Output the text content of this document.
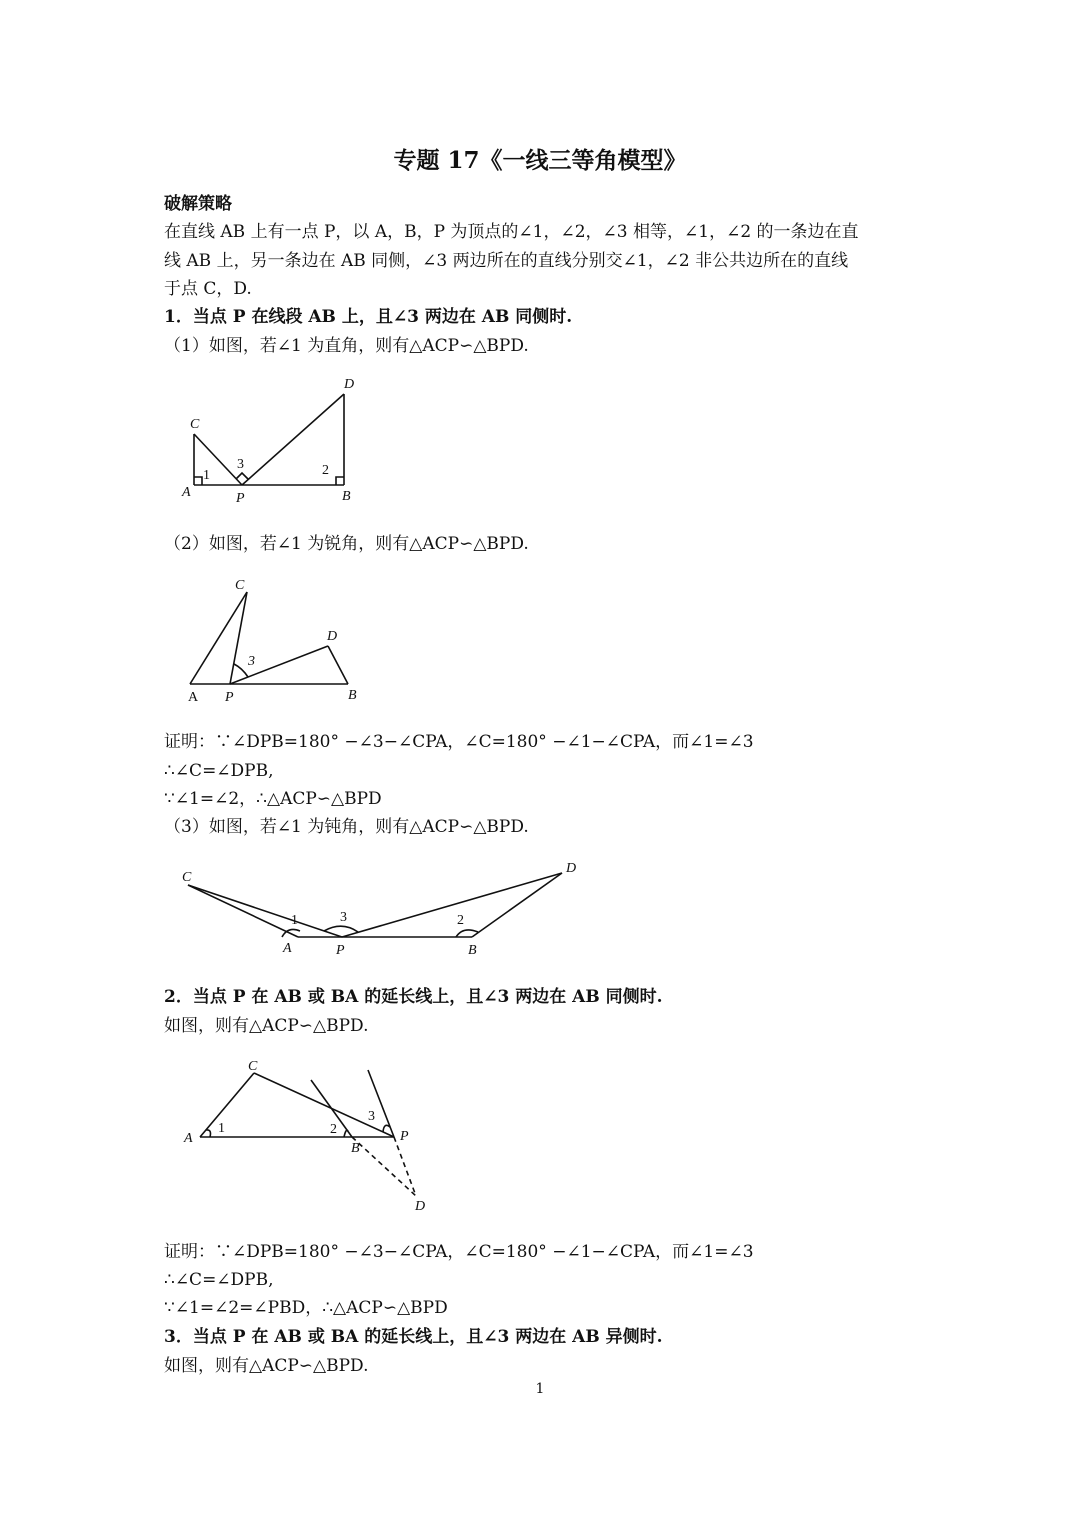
专题 17《一线三等角模型》
破解策略
在直线 AB 上有一点 P，以 A，B，P 为顶点的∠1，∠2，∠3 相等，∠1，∠2 的一条边在直
线 AB 上，另一条边在 AB 同侧，∠3 两边所在的直线分别交∠1，∠2 非公共边所在的直线
于点 C，D.
1．当点 P 在线段 AB 上，且∠3 两边在 AB 同侧时.
（1）如图，若∠1 为直角，则有△ACP∽△BPD.
A	P	B
C
D
1
3	2
（2）如图，若∠1 为锐角，则有△ACP∽△BPD.
A P	B
C
D
3
证明：∵∠DPB=180° −∠3−∠CPA，∠C=180° −∠1−∠CPA，而∠1=∠3
∴∠C=∠DPB,
∵∠1=∠2，∴△ACP∽△BPD
（3）如图，若∠1 为钝角，则有△ACP∽△BPD.
C
D
A	P	B
1	3	2
2．当点 P 在 AB 或 BA 的延长线上，且∠3 两边在 AB 同侧时.
如图，则有△ACP∽△BPD.
A
C
B
P
D
1	2
3
证明：∵∠DPB=180° −∠3−∠CPA，∠C=180° −∠1−∠CPA，而∠1=∠3
∴∠C=∠DPB,
∵∠1=∠2=∠PBD，∴△ACP∽△BPD
3．当点 P 在 AB 或 BA 的延长线上，且∠3 两边在 AB 异侧时.
如图，则有△ACP∽△BPD.
1
